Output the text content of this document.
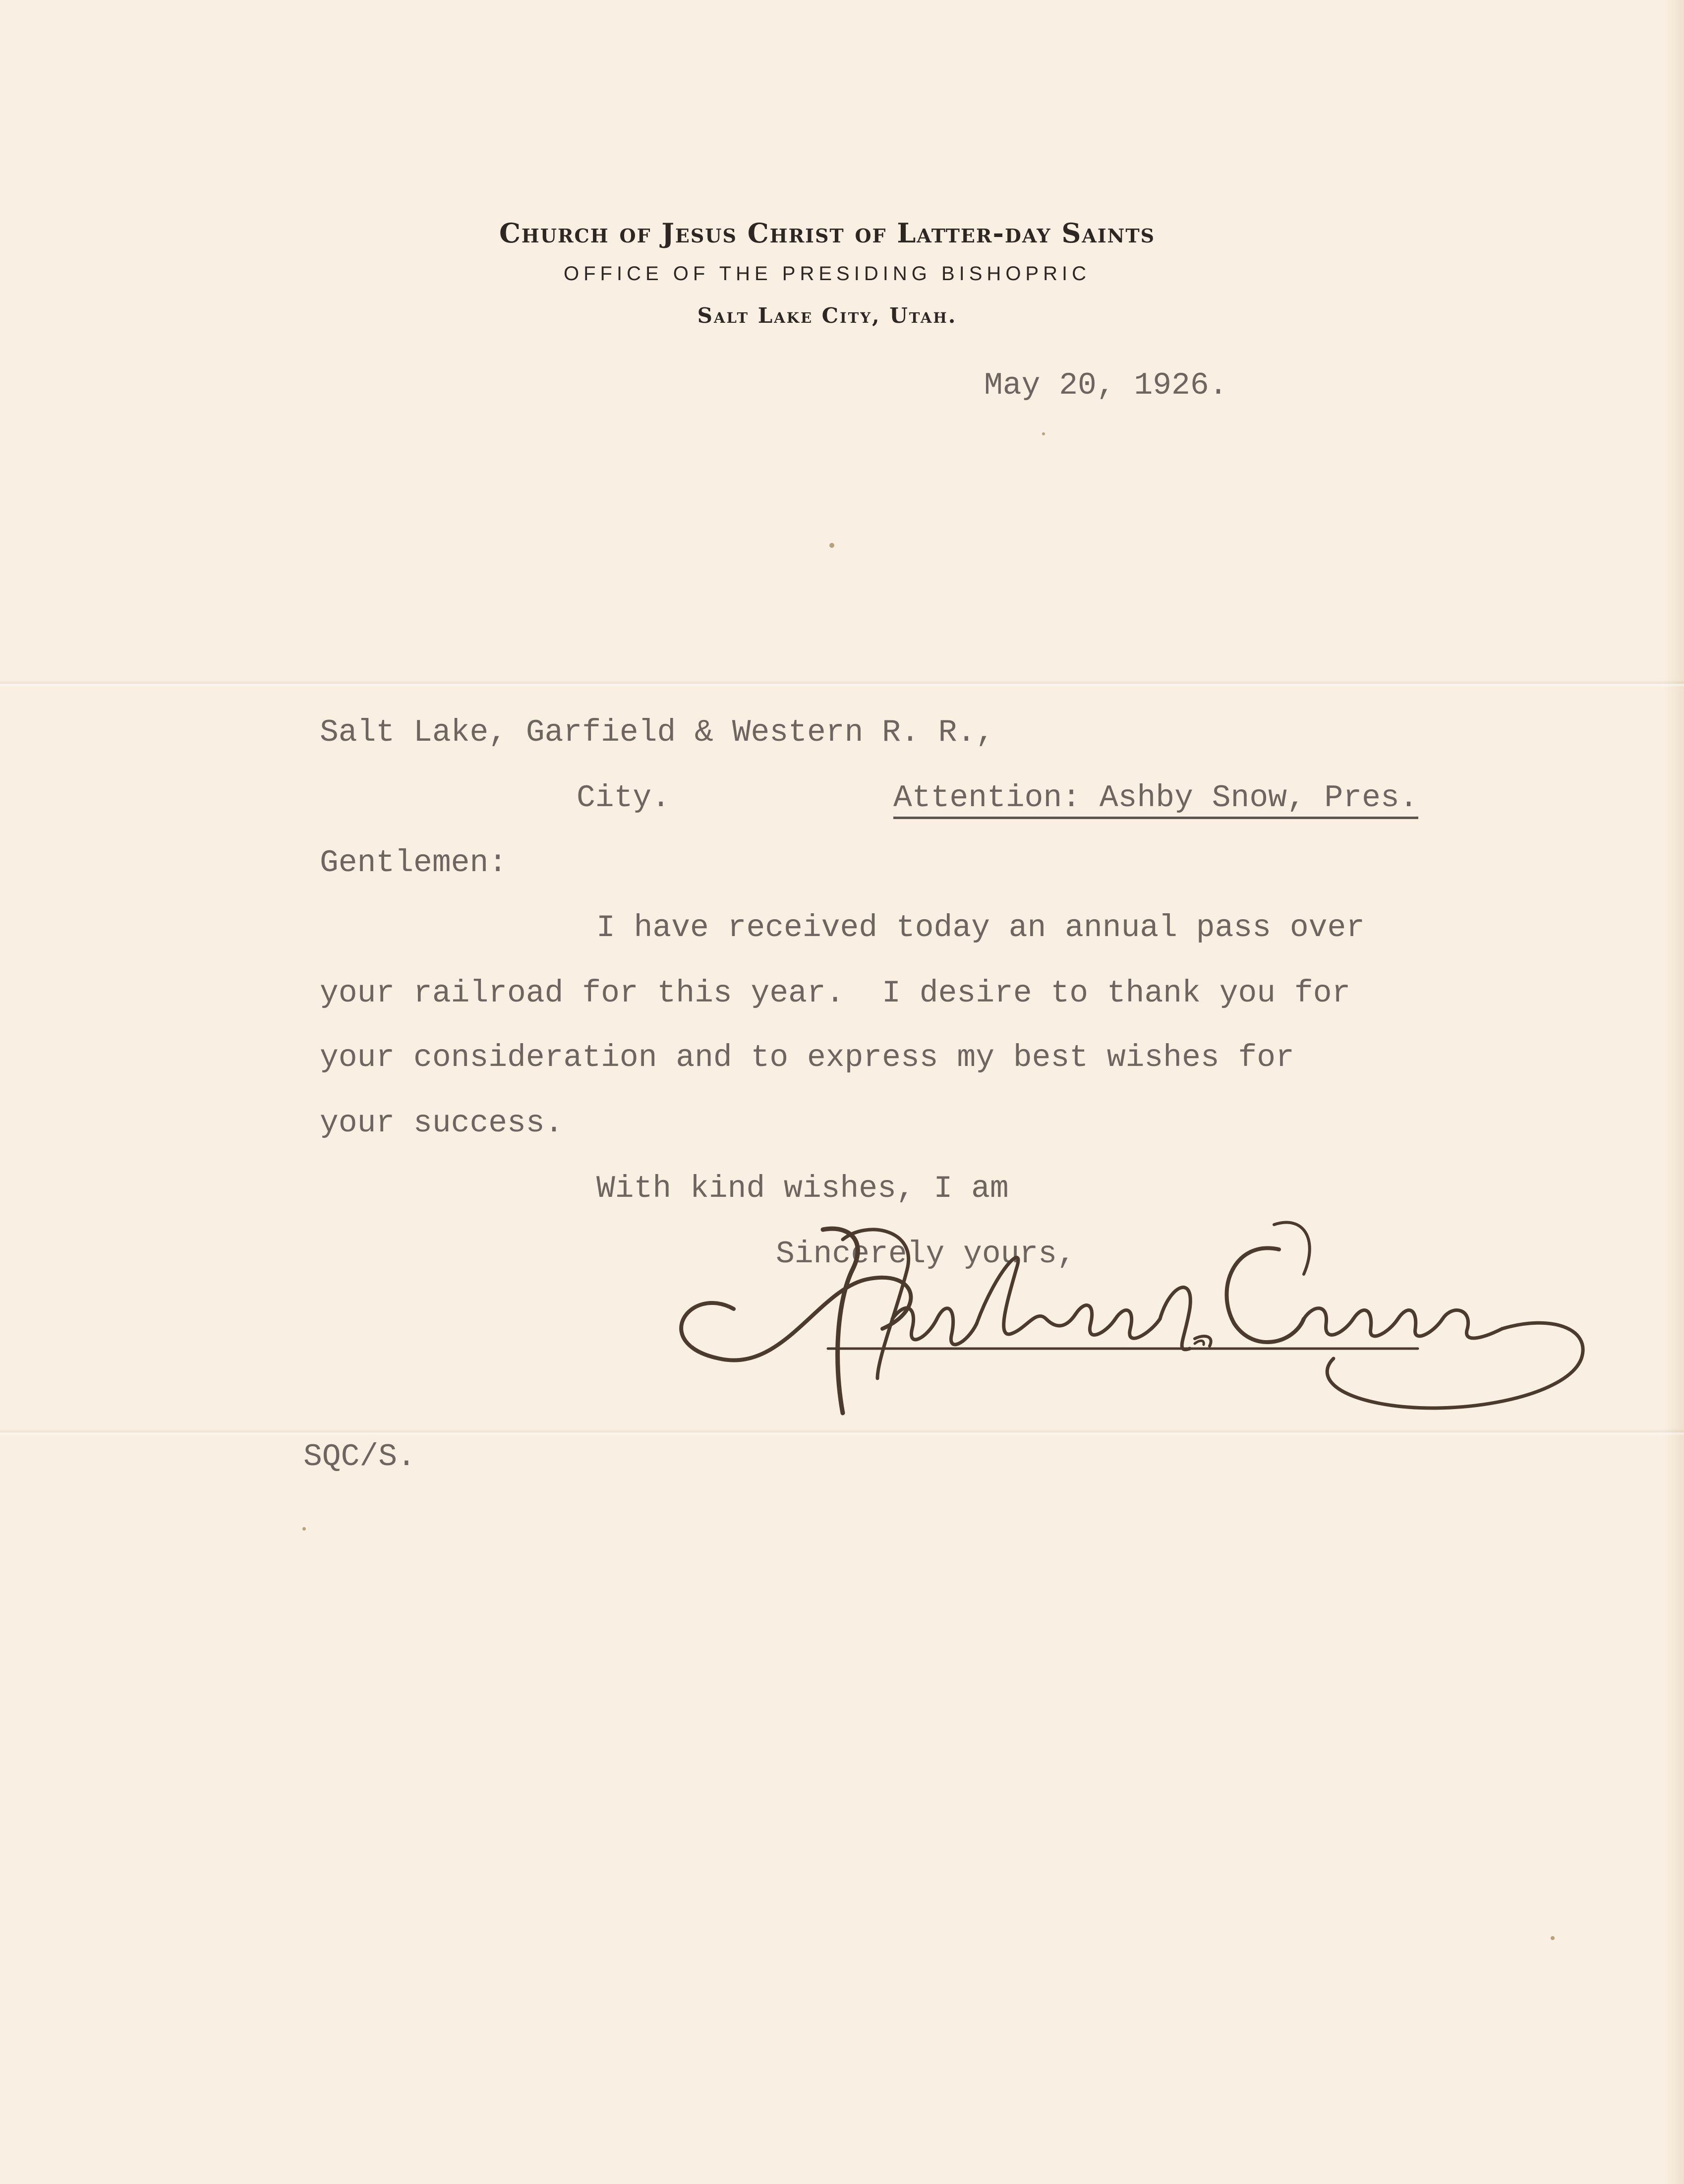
Church of Jesus Christ of Latter-day Saints
OFFICE OF THE PRESIDING BISHOPRIC
Salt Lake City, Utah.
May 20, 1926.
Salt Lake, Garfield & Western R. R.,
City.	Attention: Ashby Snow, Pres.
Gentlemen:
I have received today an annual pass over
your railroad for this year.  I desire to thank you for
your consideration and to express my best wishes for
your success.
With kind wishes, I am
Sincerely yours,
SQC/S.
